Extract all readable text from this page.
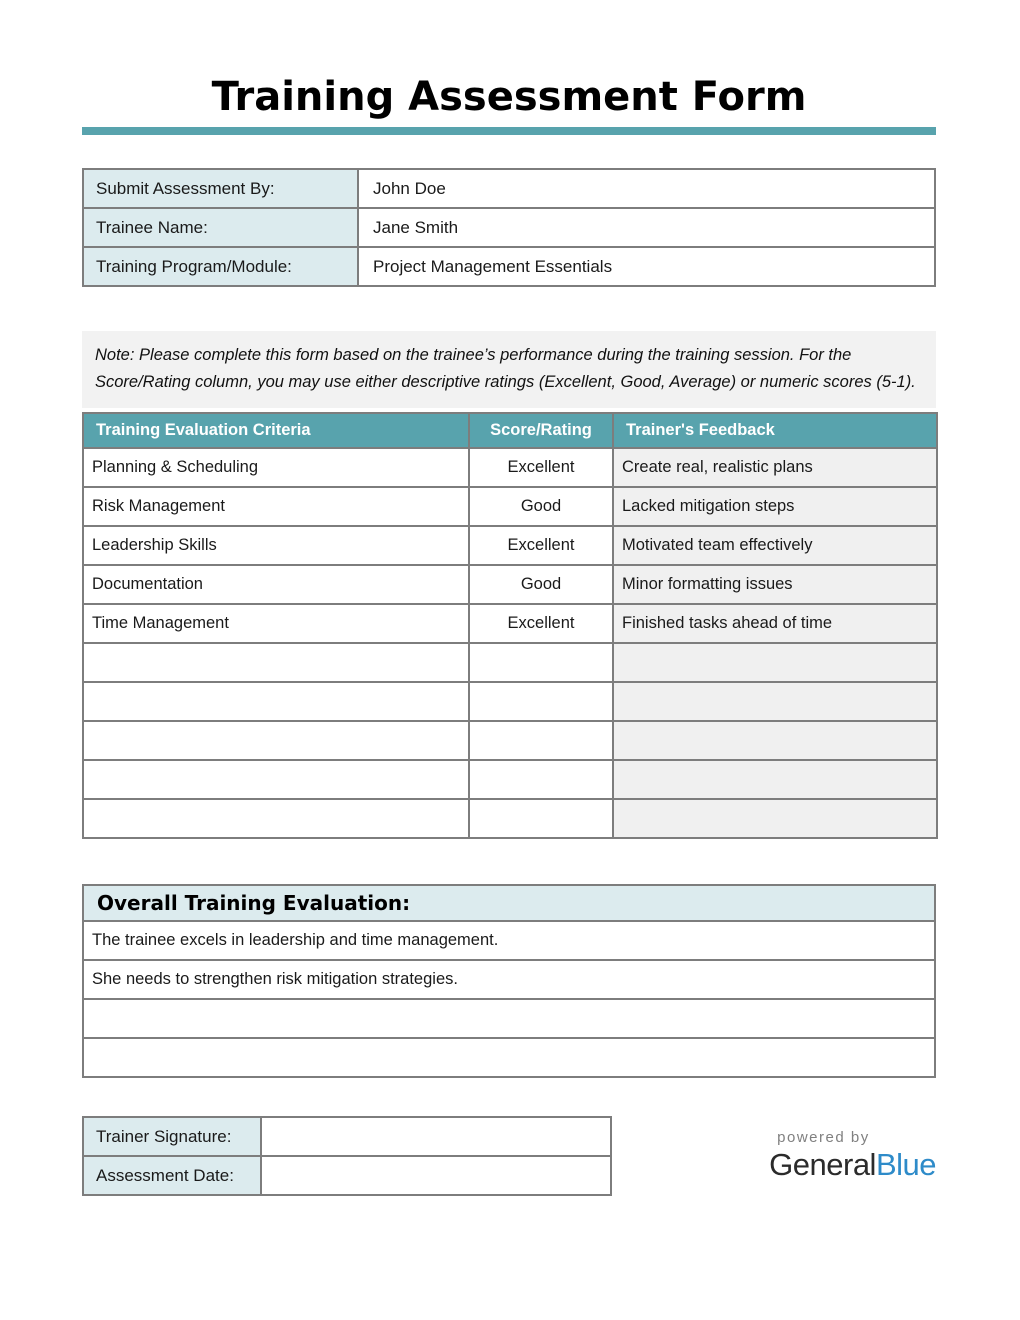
Training Assessment Form
Submit Assessment By:	John Doe
Trainee Name:	Jane Smith
Training Program/Module:	Project Management Essentials

Note: Please complete this form based on the trainee’s performance during the training session. For the Score/Rating column, you may use either descriptive ratings (Excellent, Good, Average) or numeric scores (5-1).

Training Evaluation Criteria	Score/Rating	Trainer's Feedback
Planning & Scheduling	Excellent	Create real, realistic plans
Risk Management	Good	Lacked mitigation steps
Leadership Skills	Excellent	Motivated team effectively
Documentation	Good	Minor formatting issues
Time Management	Excellent	Finished tasks ahead of time

Overall Training Evaluation:
The trainee excels in leadership and time management.
She needs to strengthen risk mitigation strategies.
Trainer Signature:	
Assessment Date:	
powered by
GeneralBlue
